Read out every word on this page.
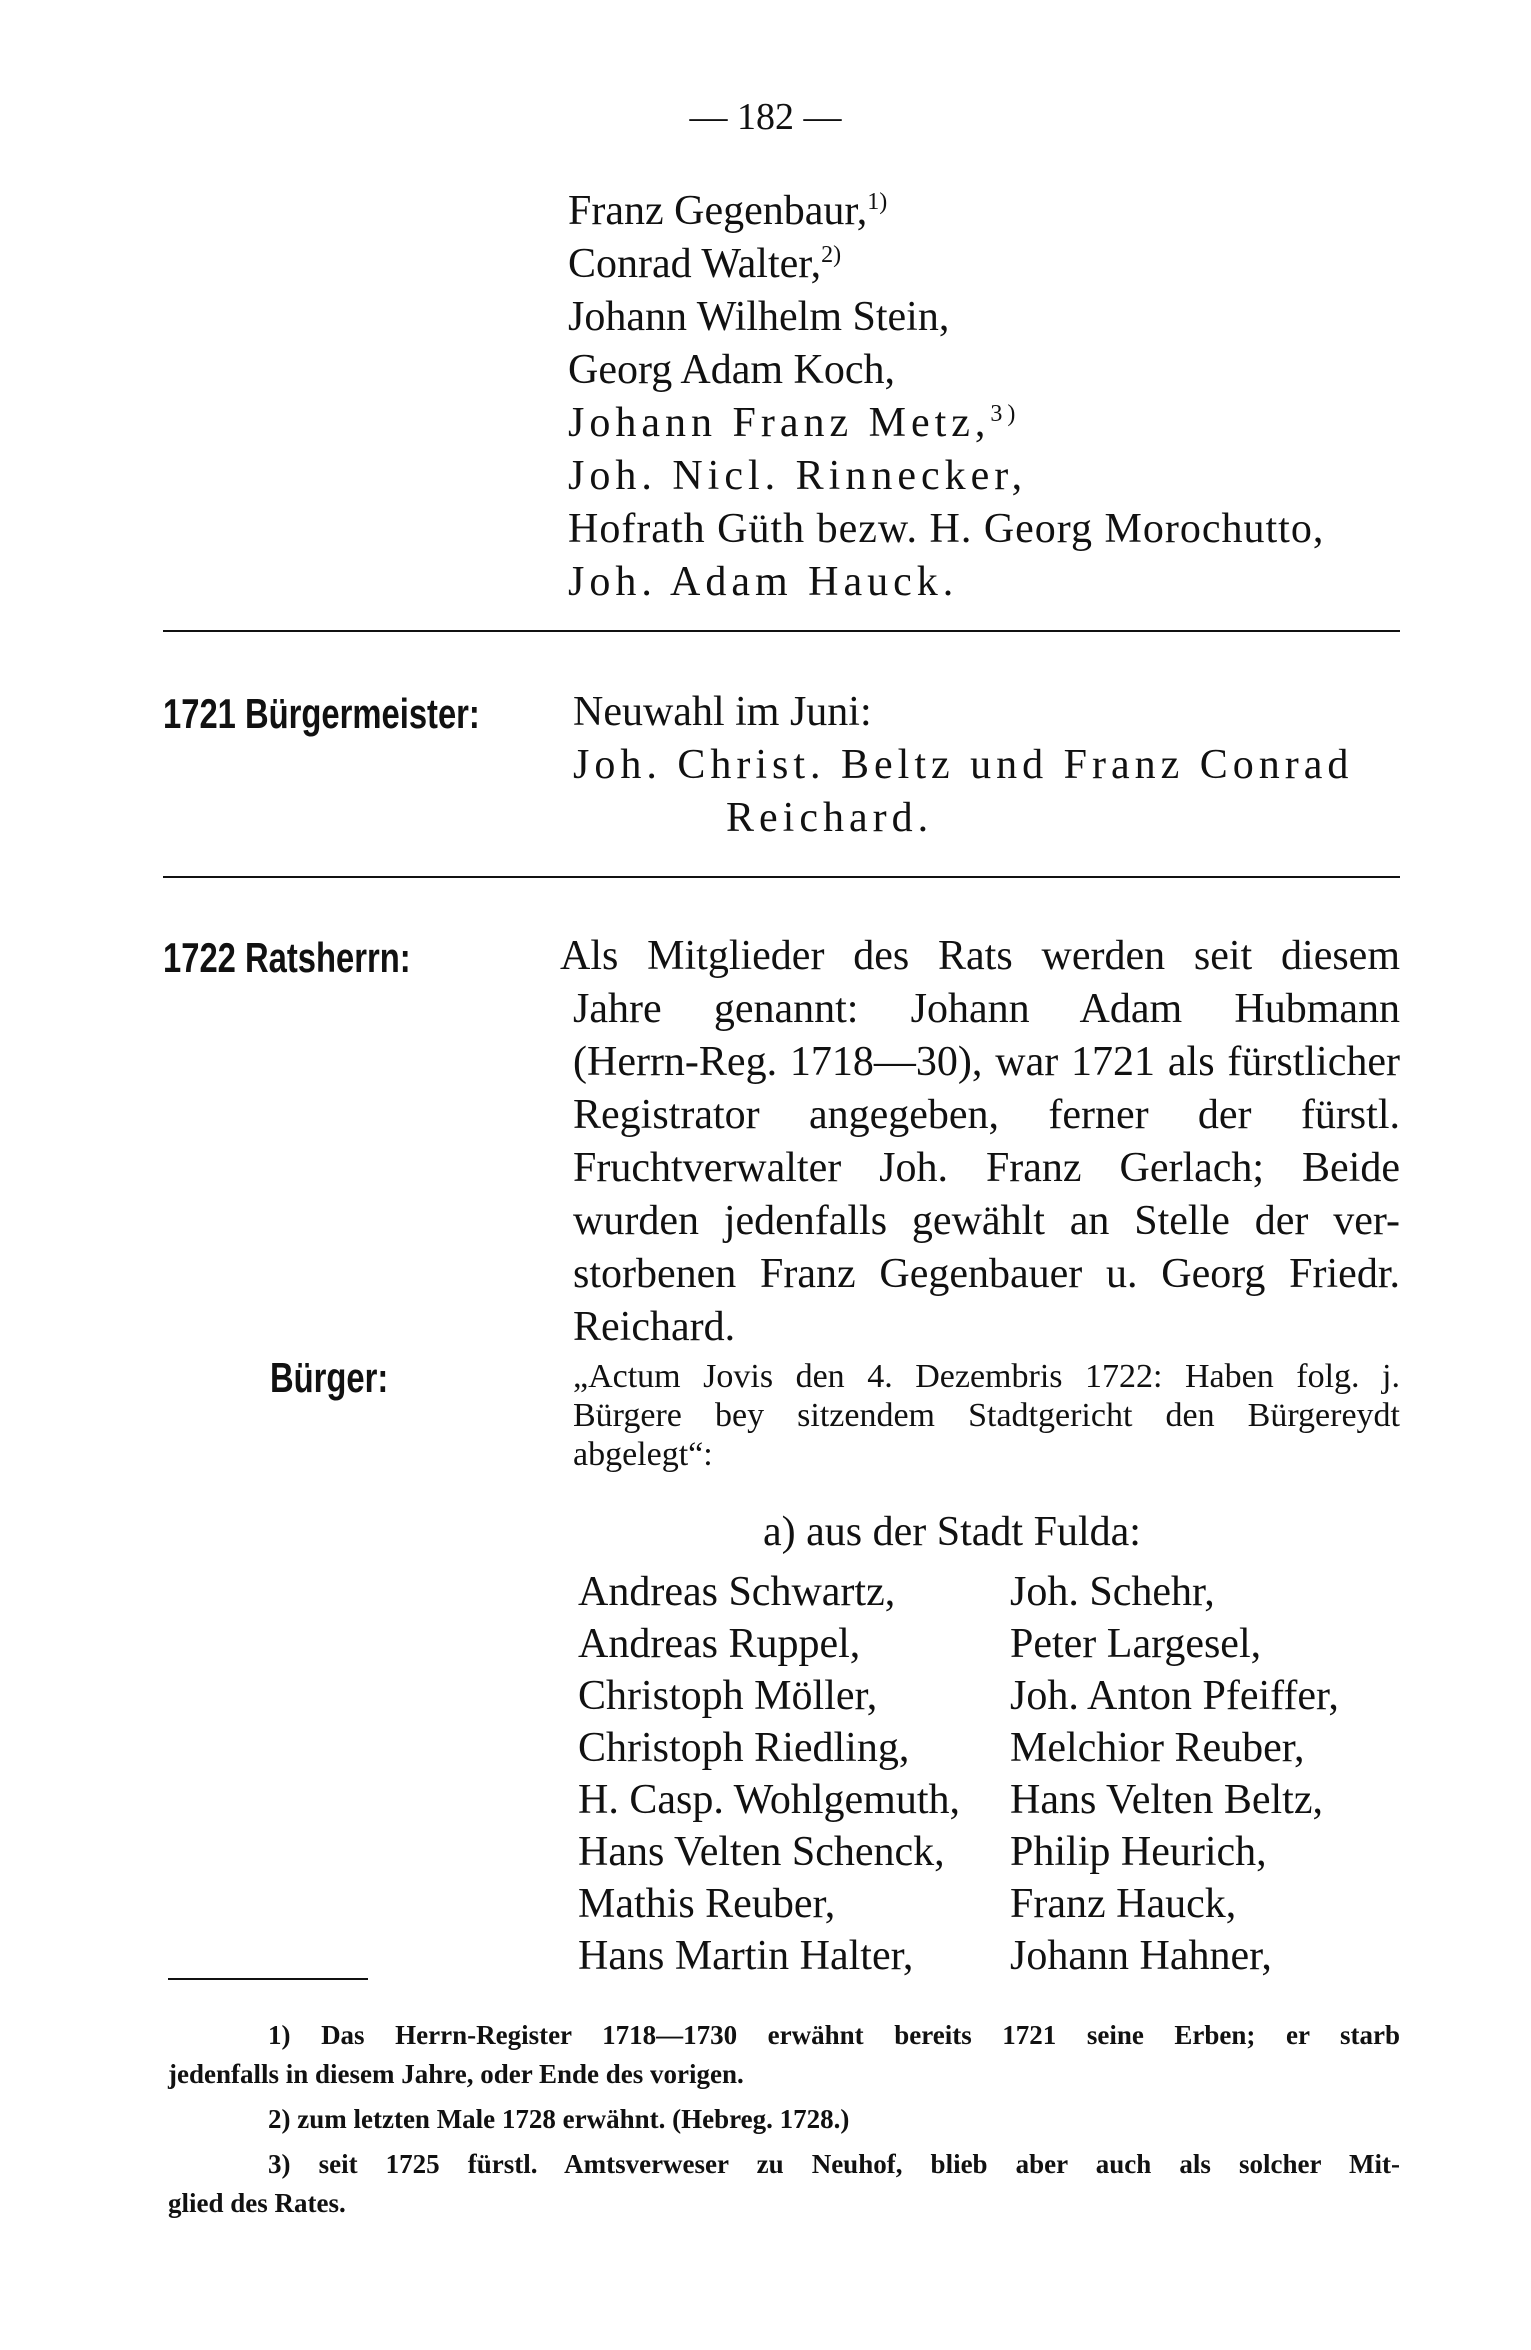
— 182 —
Franz Gegenbaur,$^{1)}$
Conrad Walter,$^{2)}$
Johann Wilhelm Stein,
Georg Adam Koch,
Johann Franz Metz,$^{3)}$
Joh. Nicl. Rinnecker,
Hofrath Güth bezw. H. Georg Morochutto,
Joh. Adam Hauck.
1721 Bürgermeister: Neuwahl im Juni:
Joh. Christ. Beltz und Franz Conrad
Reichard.
1722 Ratsherrn:	Als Mitglieder des Rats werden seit diesem
Jahre genannt: Johann Adam Hubmann
(Herrn-Reg. 1718—30), war 1721 als fürstlicher
Registrator angegeben, ferner der fürstl.
Fruchtverwalter Joh. Franz Gerlach; Beide
wurden jedenfalls gewählt an Stelle der ver-
storbenen Franz Gegenbauer u. Georg Friedr.
Reichard.
Bürger:	„Actum Jovis den 4. Dezembris 1722: Haben folg. j.
Bürgere bey sitzendem Stadtgericht den Bürgereydt
abgelegt“:
a) aus der Stadt Fulda:
Andreas Schwartz,
Andreas Ruppel,
Christoph Möller,
Christoph Riedling,
H. Casp. Wohlgemuth,
Hans Velten Schenck,
Mathis Reuber,
Hans Martin Halter,
Joh. Schehr,
Peter Largesel,
Joh. Anton Pfeiffer,
Melchior Reuber,
Hans Velten Beltz,
Philip Heurich,
Franz Hauck,
Johann Hahner,
1) Das Herrn-Register 1718—1730 erwähnt bereits 1721 seine Erben; er starb
jedenfalls in diesem Jahre, oder Ende des vorigen.
2) zum letzten Male 1728 erwähnt. (Hebreg. 1728.)
3) seit 1725 fürstl. Amtsverweser zu Neuhof, blieb aber auch als solcher Mit-
glied des Rates.
